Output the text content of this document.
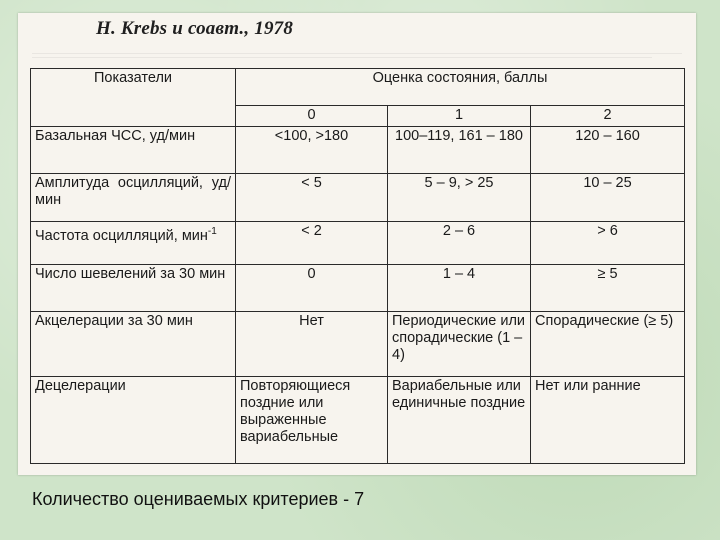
H. Krebs и соавт., 1978
Показатели	Оценка состояния, баллы		
	0	1	2
Базальная ЧСС, уд/мин	<100, >180	100–119, 161 – 180	120 – 160
Амплитуда осцилляций, уд/мин	< 5	5 – 9, > 25	10 – 25
Частота осцилляций, мин$^{-1}$	< 2	2 – 6	> 6
Число шевелений за 30 мин	0	1 – 4	≥ 5
Акцелерации за 30 мин	Нет	Периодические или спорадические (1 – 4)	Спорадические (≥ 5)
Децелерации	Повторяющиеся поздние или выраженные вариабельные	Вариабельные или единичные поздние	Нет или ранние
Количество оцениваемых критериев - 7
